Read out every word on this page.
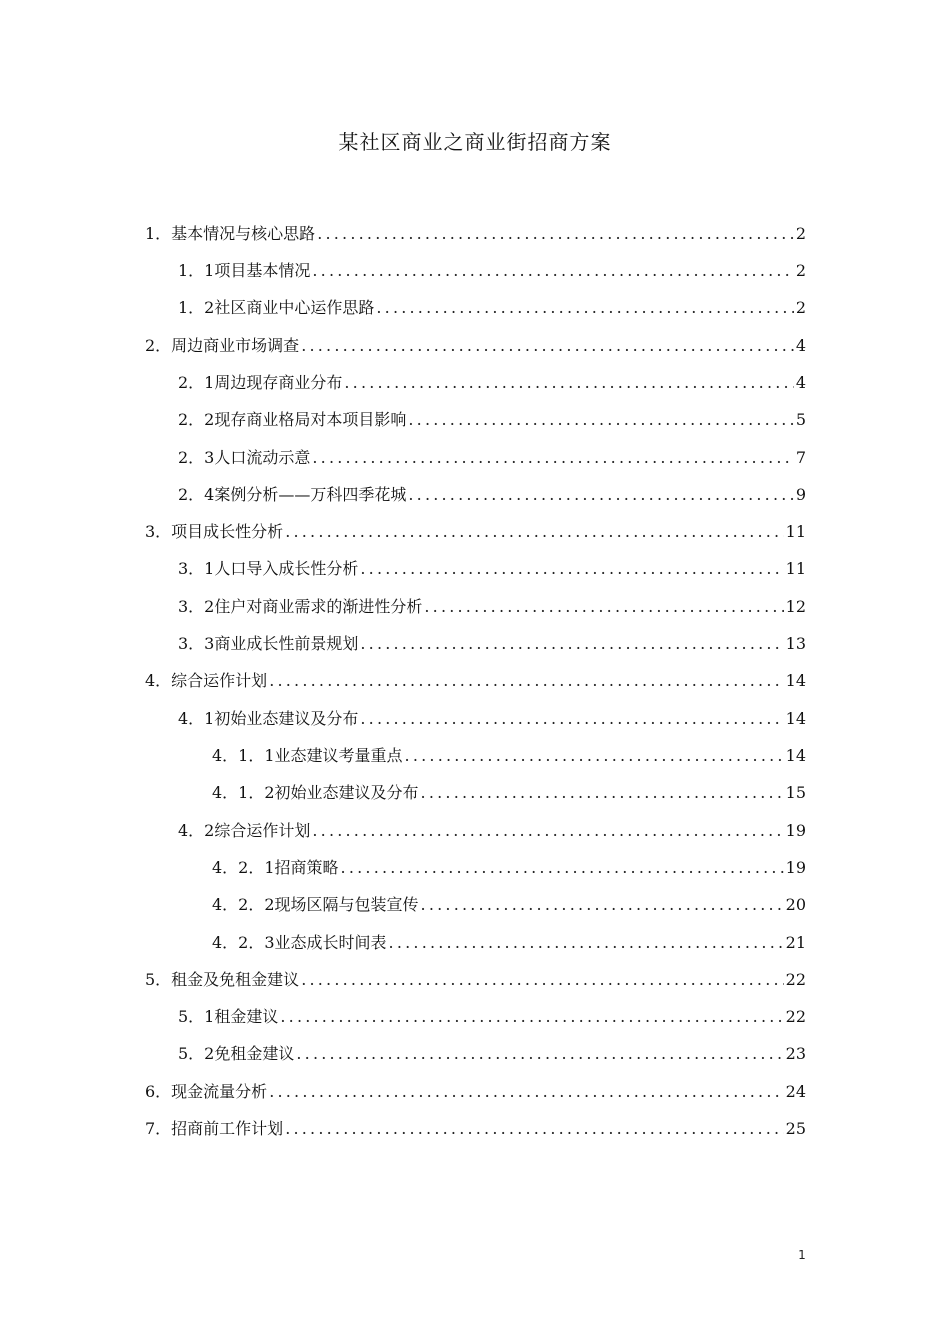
某社区商业之商业街招商方案
1．基本情况与核心思路 .....	2
1．1项目基本情况 .....	2
1．2社区商业中心运作思路 .....	2
2．周边商业市场调查 .....	4
2．1周边现存商业分布 .....	4
2．2现存商业格局对本项目影响 .....	5
2．3人口流动示意 .....	7
2．4案例分析——万科四季花城 .....	9
3．项目成长性分析 .....	11
3．1人口导入成长性分析 .....	11
3．2住户对商业需求的渐进性分析 .....	12
3．3商业成长性前景规划 .....	13
4．综合运作计划 .....	14
4．1初始业态建议及分布 .....	14
4．1．1业态建议考量重点 .....	14
4．1．2初始业态建议及分布 .....	15
4．2综合运作计划 .....	19
4．2．1招商策略 .....	19
4．2．2现场区隔与包装宣传 .....	20
4．2．3业态成长时间表 .....	21
5．租金及免租金建议 .....	22
5．1租金建议 .....	22
5．2免租金建议 .....	23
6．现金流量分析 .....	24
7．招商前工作计划 .....	25
1
